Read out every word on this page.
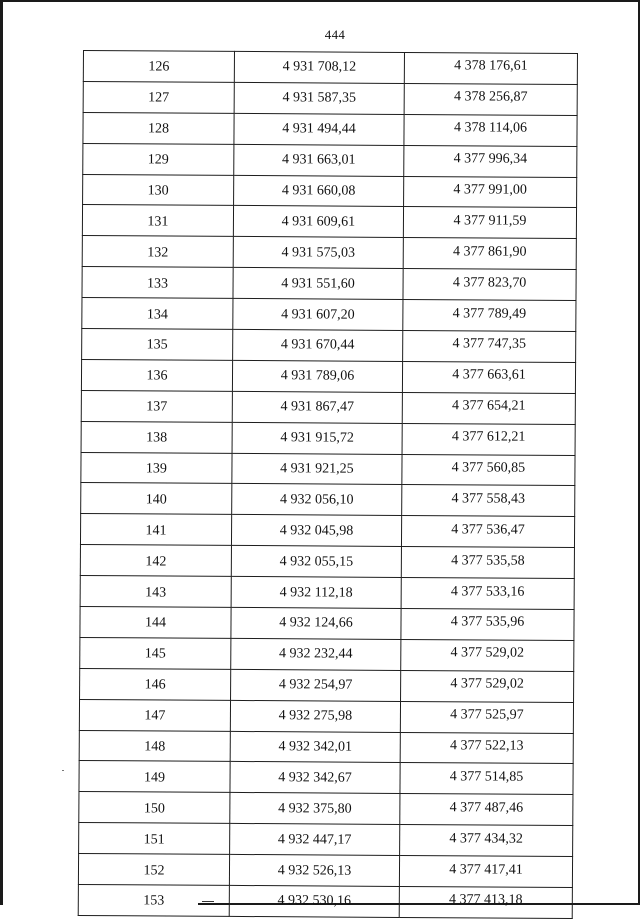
444
126	4 931 708,12	4 378 176,61
127	4 931 587,35	4 378 256,87
128	4 931 494,44	4 378 114,06
129	4 931 663,01	4 377 996,34
130	4 931 660,08	4 377 991,00
131	4 931 609,61	4 377 911,59
132	4 931 575,03	4 377 861,90
133	4 931 551,60	4 377 823,70
134	4 931 607,20	4 377 789,49
135	4 931 670,44	4 377 747,35
136	4 931 789,06	4 377 663,61
137	4 931 867,47	4 377 654,21
138	4 931 915,72	4 377 612,21
139	4 931 921,25	4 377 560,85
140	4 932 056,10	4 377 558,43
141	4 932 045,98	4 377 536,47
142	4 932 055,15	4 377 535,58
143	4 932 112,18	4 377 533,16
144	4 932 124,66	4 377 535,96
145	4 932 232,44	4 377 529,02
146	4 932 254,97	4 377 529,02
147	4 932 275,98	4 377 525,97
148	4 932 342,01	4 377 522,13
149	4 932 342,67	4 377 514,85
150	4 932 375,80	4 377 487,46
151	4 932 447,17	4 377 434,32
152	4 932 526,13	4 377 417,41
153	4 932 530,16	4 377 413,18
